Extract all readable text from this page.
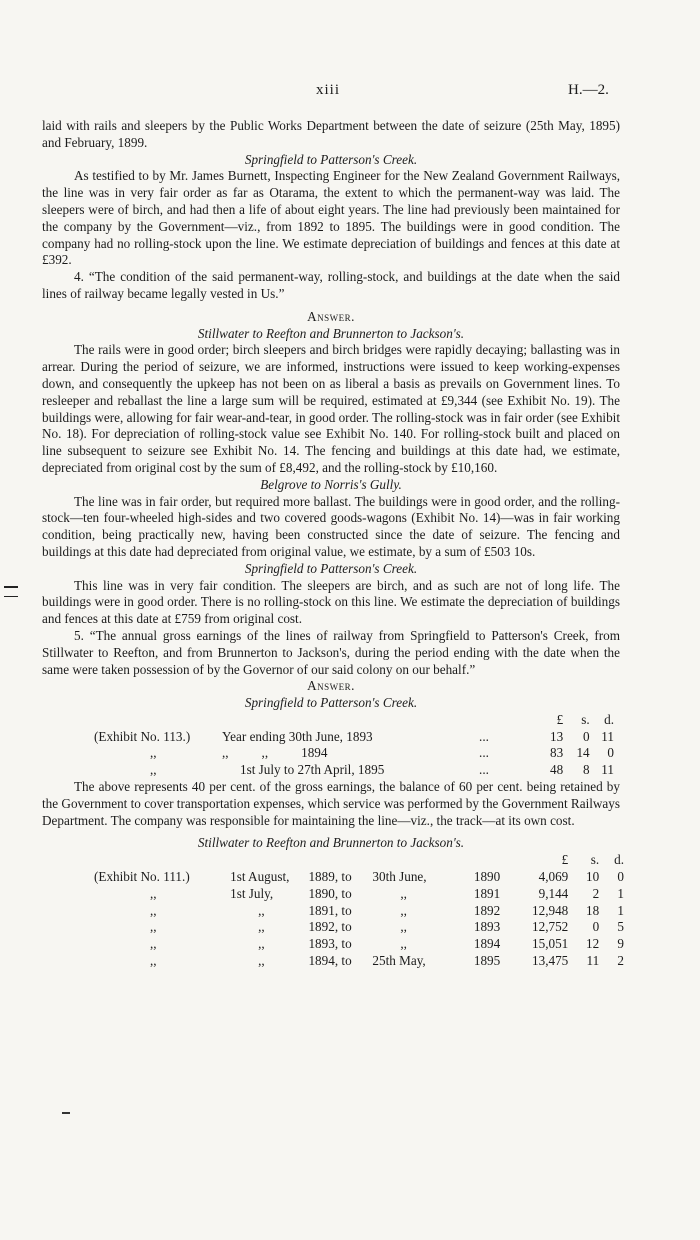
xiii	H.—2.

laid with rails and sleepers by the Public Works Department between the date of seizure (25th May, 1895) and February, 1899.

Springfield to Patterson's Creek.

As testified to by Mr. James Burnett, Inspecting Engineer for the New Zealand Government Railways, the line was in very fair order as far as Otarama, the extent to which the permanent-way was laid. The sleepers were of birch, and had then a life of about eight years. The line had previously been maintained for the company by the Government—viz., from 1892 to 1895. The buildings were in good condition. The company had no rolling-stock upon the line. We estimate depreciation of buildings and fences at this date at £392.

4. “The condition of the said permanent-way, rolling-stock, and buildings at the date when the said lines of railway became legally vested in Us.”

Answer.

Stillwater to Reefton and Brunnerton to Jackson's.

The rails were in good order; birch sleepers and birch bridges were rapidly decaying; ballasting was in arrear. During the period of seizure, we are informed, instructions were issued to keep working-expenses down, and consequently the upkeep has not been on as liberal a basis as prevails on Government lines. To resleeper and reballast the line a large sum will be required, estimated at £9,344 (see Exhibit No. 19). The buildings were, allowing for fair wear-and-tear, in good order. The rolling-stock was in fair order (see Exhibit No. 18). For depreciation of rolling-stock value see Exhibit No. 140. For rolling-stock built and placed on line subsequent to seizure see Exhibit No. 14. The fencing and buildings at this date had, we estimate, depreciated from original cost by the sum of £8,492, and the rolling-stock by £10,160.

Belgrove to Norris's Gully.

The line was in fair order, but required more ballast. The buildings were in good order, and the rolling-stock—ten four-wheeled high-sides and two covered goods-wagons (Exhibit No. 14)—was in fair working condition, being practically new, having been constructed since the date of seizure. The fencing and buildings at this date had depreciated from original value, we estimate, by a sum of £503 10s.

Springfield to Patterson's Creek.

This line was in very fair condition. The sleepers are birch, and as such are not of long life. The buildings were in good order. There is no rolling-stock on this line. We estimate the depreciation of buildings and fences at this date at £759 from original cost.

5. “The annual gross earnings of the lines of railway from Springfield to Patterson's Creek, from Stillwater to Reefton, and from Brunnerton to Jackson's, during the period ending with the date when the same were taken possession of by the Governor of our said colony on our behalf.”

Answer.

Springfield to Patterson's Creek.

			£	s.	d.
(Exhibit No. 113.)	Year ending 30th June, 1893	...	13	0	11
,,	,,          ,,          1894	...	83	14	0
,,	1st July to 27th April, 1895	...	48	8	11

The above represents 40 per cent. of the gross earnings, the balance of 60 per cent. being retained by the Government to cover transportation expenses, which service was performed by the Government Railways Department. The company was responsible for maintaining the line—viz., the track—at its own cost.

Stillwater to Reefton and Brunnerton to Jackson's.

					£	s.	d.
(Exhibit No. 111.)	1st August,	1889, to	30th June,	1890	4,069	10	0
,,	1st July,	1890, to	,,	1891	9,144	2	1
,,	,,	1891, to	,,	1892	12,948	18	1
,,	,,	1892, to	,,	1893	12,752	0	5
,,	,,	1893, to	,,	1894	15,051	12	9
,,	,,	1894, to	25th May,	1895	13,475	11	2
